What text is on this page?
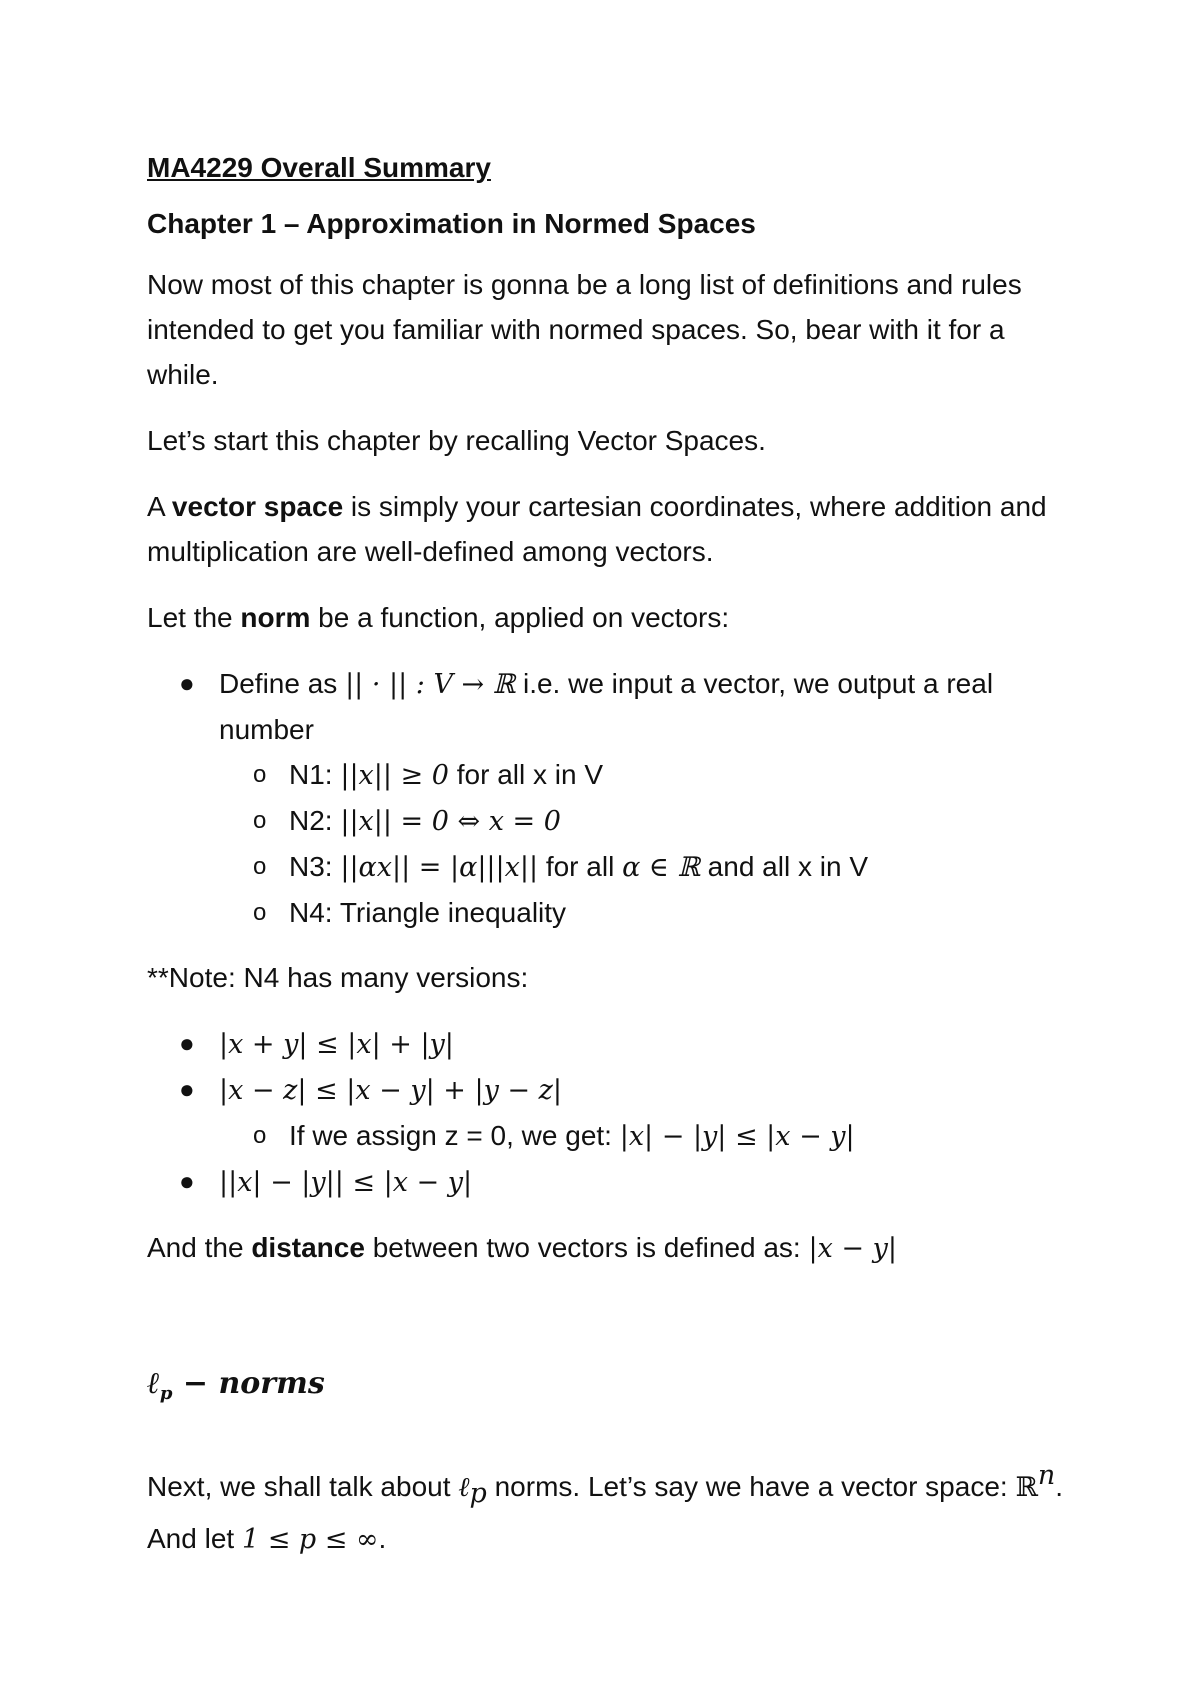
MA4229 Overall Summary
Chapter 1 – Approximation in Normed Spaces

Now most of this chapter is gonna be a long list of definitions and rules intended to get you familiar with normed spaces. So, bear with it for a while.

Let’s start this chapter by recalling Vector Spaces.

A vector space is simply your cartesian coordinates, where addition and multiplication are well-defined among vectors.

Let the norm be a function, applied on vectors:

● Define as || · || : V → ℝ i.e. we input a vector, we output a real number
o N1: ||x|| ≥ 0 for all x in V
o N2: ||x|| = 0 ⇔ x = 0
o N3: ||αx|| = |α|||x|| for all α ∈ ℝ and all x in V
o N4: Triangle inequality

**Note: N4 has many versions:

● |x + y| ≤ |x| + |y|
● |x − z| ≤ |x − y| + |y − z|
o If we assign z = 0, we get: |x| − |y| ≤ |x − y|
● ||x| − |y|| ≤ |x − y|

And the distance between two vectors is defined as: |x − y|

ℓ$_p$ − norms

Next, we shall talk about ℓ$_p$ norms. Let’s say we have a vector space: ℝ$^n$. And let 1 ≤ p ≤ ∞.
